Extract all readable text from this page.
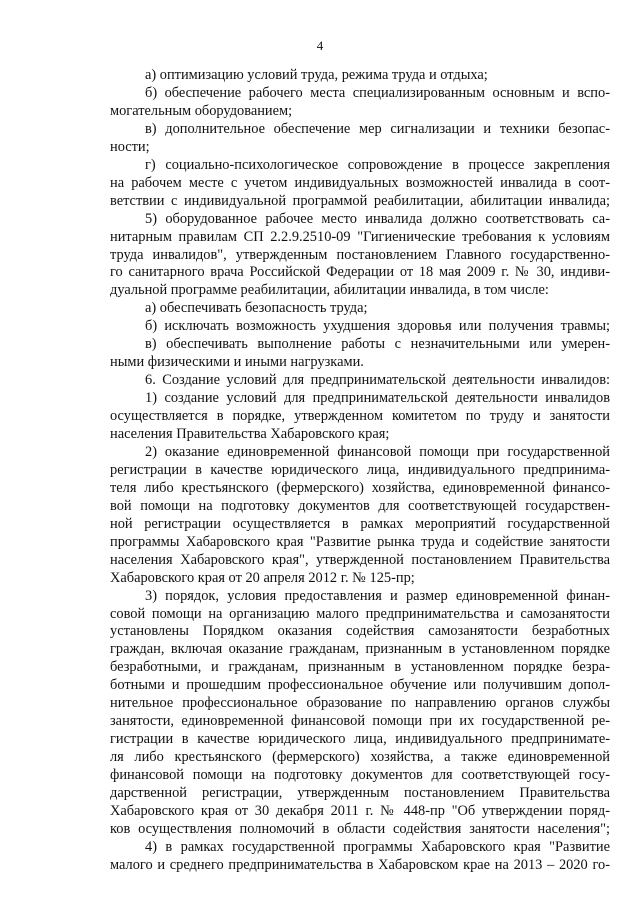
4
а) оптимизацию условий труда, режима труда и отдыха;
б) обеспечение рабочего места специализированным основным и вспо-
могательным оборудованием;
в) дополнительное обеспечение мер сигнализации и техники безопас-
ности;
г) социально-психологическое сопровождение в процессе закрепления
на рабочем месте с учетом индивидуальных возможностей инвалида в соот-
ветствии с индивидуальной программой реабилитации, абилитации инвалида;
5) оборудованное рабочее место инвалида должно соответствовать са-
нитарным правилам СП 2.2.9.2510-09 "Гигиенические требования к условиям
труда инвалидов", утвержденным постановлением Главного государственно-
го санитарного врача Российской Федерации от 18 мая 2009 г. № 30, индиви-
дуальной программе реабилитации, абилитации инвалида, в том числе:
а) обеспечивать безопасность труда;
б) исключать возможность ухудшения здоровья или получения травмы;
в) обеспечивать выполнение работы с незначительными или умерен-
ными физическими и иными нагрузками.
6. Создание условий для предпринимательской деятельности инвалидов:
1) создание условий для предпринимательской деятельности инвалидов
осуществляется в порядке, утвержденном комитетом по труду и занятости
населения Правительства Хабаровского края;
2) оказание единовременной финансовой помощи при государственной
регистрации в качестве юридического лица, индивидуального предпринима-
теля либо крестьянского (фермерского) хозяйства, единовременной финансо-
вой помощи на подготовку документов для соответствующей государствен-
ной регистрации осуществляется в рамках мероприятий государственной
программы Хабаровского края "Развитие рынка труда и содействие занятости
населения Хабаровского края", утвержденной постановлением Правительства
Хабаровского края от 20 апреля 2012 г. № 125-пр;
3) порядок, условия предоставления и размер единовременной финан-
совой помощи на организацию малого предпринимательства и самозанятости
установлены Порядком оказания содействия самозанятости безработных
граждан, включая оказание гражданам, признанным в установленном порядке
безработными, и гражданам, признанным в установленном порядке безра-
ботными и прошедшим профессиональное обучение или получившим допол-
нительное профессиональное образование по направлению органов службы
занятости, единовременной финансовой помощи при их государственной ре-
гистрации в качестве юридического лица, индивидуального предпринимате-
ля либо крестьянского (фермерского) хозяйства, а также единовременной
финансовой помощи на подготовку документов для соответствующей госу-
дарственной регистрации, утвержденным постановлением Правительства
Хабаровского края от 30 декабря 2011 г. № 448-пр "Об утверждении поряд-
ков осуществления полномочий в области содействия занятости населения";
4) в рамках государственной программы Хабаровского края "Развитие
малого и среднего предпринимательства в Хабаровском крае на 2013 – 2020 го-
